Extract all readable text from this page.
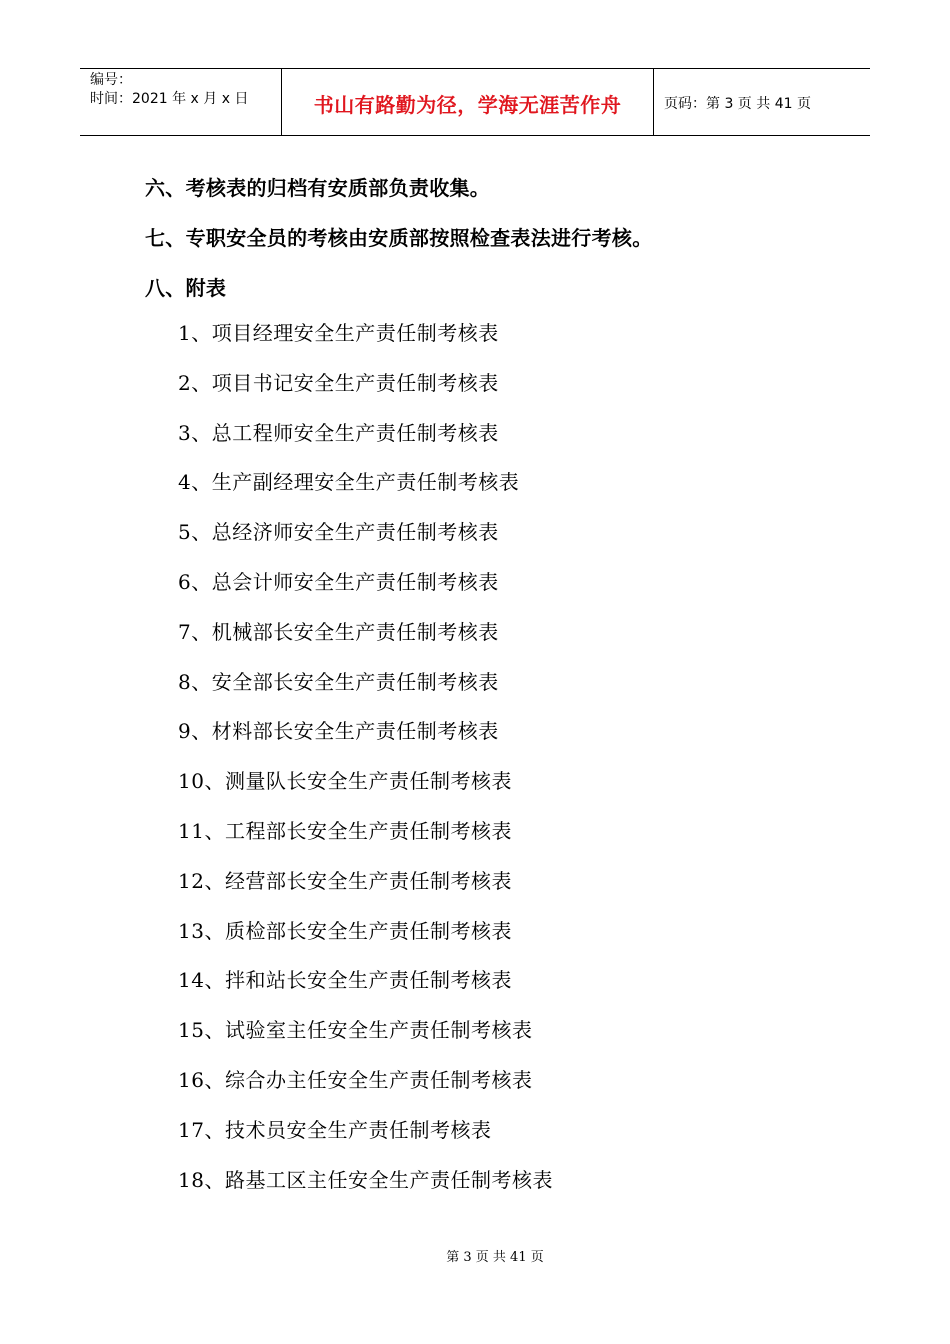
编号：
时间：2021 年 x 月 x 日	书山有路勤为径，学海无涯苦作舟	页码：第 3 页 共 41 页
六、考核表的归档有安质部负责收集。
七、专职安全员的考核由安质部按照检查表法进行考核。
八、附表
1、项目经理安全生产责任制考核表
2、项目书记安全生产责任制考核表
3、总工程师安全生产责任制考核表
4、生产副经理安全生产责任制考核表
5、总经济师安全生产责任制考核表
6、总会计师安全生产责任制考核表
7、机械部长安全生产责任制考核表
8、安全部长安全生产责任制考核表
9、材料部长安全生产责任制考核表
10、测量队长安全生产责任制考核表
11、工程部长安全生产责任制考核表
12、经营部长安全生产责任制考核表
13、质检部长安全生产责任制考核表
14、拌和站长安全生产责任制考核表
15、试验室主任安全生产责任制考核表
16、综合办主任安全生产责任制考核表
17、技术员安全生产责任制考核表
18、路基工区主任安全生产责任制考核表
第 3 页 共 41 页
